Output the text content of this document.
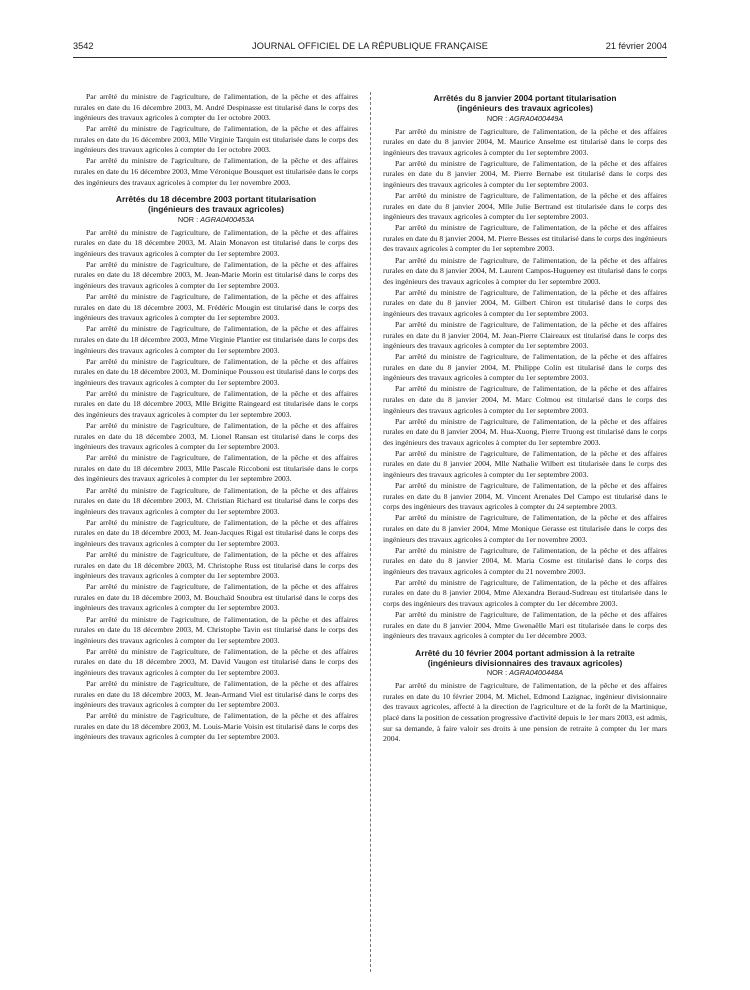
3542	JOURNAL OFFICIEL DE LA RÉPUBLIQUE FRANÇAISE	21 février 2004

Par arrêté du ministre de l'agriculture, de l'alimentation, de la pêche et des affaires rurales en date du 16 décembre 2003, M. André Despinasse est titularisé dans le corps des ingénieurs des travaux agricoles à compter du 1er octobre 2003.

Par arrêté du ministre de l'agriculture, de l'alimentation, de la pêche et des affaires rurales en date du 16 décembre 2003, Mlle Virginie Tarquin est titularisée dans le corps des ingénieurs des travaux agricoles à compter du 1er octobre 2003.

Par arrêté du ministre de l'agriculture, de l'alimentation, de la pêche et des affaires rurales en date du 16 décembre 2003, Mme Véronique Bousquet est titularisée dans le corps des ingénieurs des travaux agricoles à compter du 1er novembre 2003.

Arrêtés du 18 décembre 2003 portant titularisation
(ingénieurs des travaux agricoles)
NOR : AGRA0400453A

Par arrêté du ministre de l'agriculture, de l'alimentation, de la pêche et des affaires rurales en date du 18 décembre 2003, M. Alain Monavon est titularisé dans le corps des ingénieurs des travaux agricoles à compter du 1er septembre 2003.

Par arrêté du ministre de l'agriculture, de l'alimentation, de la pêche et des affaires rurales en date du 18 décembre 2003, M. Jean-Marie Morin est titularisé dans le corps des ingénieurs des travaux agricoles à compter du 1er septembre 2003.

Par arrêté du ministre de l'agriculture, de l'alimentation, de la pêche et des affaires rurales en date du 18 décembre 2003, M. Frédéric Mougin est titularisé dans le corps des ingénieurs des travaux agricoles à compter du 1er septembre 2003.

Par arrêté du ministre de l'agriculture, de l'alimentation, de la pêche et des affaires rurales en date du 18 décembre 2003, Mme Virginie Plantier est titularisée dans le corps des ingénieurs des travaux agricoles à compter du 1er septembre 2003.

Par arrêté du ministre de l'agriculture, de l'alimentation, de la pêche et des affaires rurales en date du 18 décembre 2003, M. Dominique Poussou est titularisé dans le corps des ingénieurs des travaux agricoles à compter du 1er septembre 2003.

Par arrêté du ministre de l'agriculture, de l'alimentation, de la pêche et des affaires rurales en date du 18 décembre 2003, Mlle Brigitte Raingeard est titularisée dans le corps des ingénieurs des travaux agricoles à compter du 1er septembre 2003.

Par arrêté du ministre de l'agriculture, de l'alimentation, de la pêche et des affaires rurales en date du 18 décembre 2003, M. Lionel Ransan est titularisé dans le corps des ingénieurs des travaux agricoles à compter du 1er septembre 2003.

Par arrêté du ministre de l'agriculture, de l'alimentation, de la pêche et des affaires rurales en date du 18 décembre 2003, Mlle Pascale Riccoboni est titularisée dans le corps des ingénieurs des travaux agricoles à compter du 1er septembre 2003.

Par arrêté du ministre de l'agriculture, de l'alimentation, de la pêche et des affaires rurales en date du 18 décembre 2003, M. Christian Richard est titularisé dans le corps des ingénieurs des travaux agricoles à compter du 1er septembre 2003.

Par arrêté du ministre de l'agriculture, de l'alimentation, de la pêche et des affaires rurales en date du 18 décembre 2003, M. Jean-Jacques Rigal est titularisé dans le corps des ingénieurs des travaux agricoles à compter du 1er septembre 2003.

Par arrêté du ministre de l'agriculture, de l'alimentation, de la pêche et des affaires rurales en date du 18 décembre 2003, M. Christophe Russ est titularisé dans le corps des ingénieurs des travaux agricoles à compter du 1er septembre 2003.

Par arrêté du ministre de l'agriculture, de l'alimentation, de la pêche et des affaires rurales en date du 18 décembre 2003, M. Bouchaïd Snoubra est titularisé dans le corps des ingénieurs des travaux agricoles à compter du 1er septembre 2003.

Par arrêté du ministre de l'agriculture, de l'alimentation, de la pêche et des affaires rurales en date du 18 décembre 2003, M. Christophe Tavin est titularisé dans le corps des ingénieurs des travaux agricoles à compter du 1er septembre 2003.

Par arrêté du ministre de l'agriculture, de l'alimentation, de la pêche et des affaires rurales en date du 18 décembre 2003, M. David Vaugon est titularisé dans le corps des ingénieurs des travaux agricoles à compter du 1er septembre 2003.

Par arrêté du ministre de l'agriculture, de l'alimentation, de la pêche et des affaires rurales en date du 18 décembre 2003, M. Jean-Armand Viel est titularisé dans le corps des ingénieurs des travaux agricoles à compter du 1er septembre 2003.

Par arrêté du ministre de l'agriculture, de l'alimentation, de la pêche et des affaires rurales en date du 18 décembre 2003, M. Louis-Marie Voisin est titularisé dans le corps des ingénieurs des travaux agricoles à compter du 1er septembre 2003.

Arrêtés du 8 janvier 2004 portant titularisation
(ingénieurs des travaux agricoles)
NOR : AGRA0400449A

Par arrêté du ministre de l'agriculture, de l'alimentation, de la pêche et des affaires rurales en date du 8 janvier 2004, M. Maurice Anselme est titularisé dans le corps des ingénieurs des travaux agricoles à compter du 1er septembre 2003.

Par arrêté du ministre de l'agriculture, de l'alimentation, de la pêche et des affaires rurales en date du 8 janvier 2004, M. Pierre Bernabe est titularisé dans le corps des ingénieurs des travaux agricoles à compter du 1er septembre 2003.

Par arrêté du ministre de l'agriculture, de l'alimentation, de la pêche et des affaires rurales en date du 8 janvier 2004, Mlle Julie Bertrand est titularisée dans le corps des ingénieurs des travaux agricoles à compter du 1er septembre 2003.

Par arrêté du ministre de l'agriculture, de l'alimentation, de la pêche et des affaires rurales en date du 8 janvier 2004, M. Pierre Besses est titularisé dans le corps des ingénieurs des travaux agricoles à compter du 1er septembre 2003.

Par arrêté du ministre de l'agriculture, de l'alimentation, de la pêche et des affaires rurales en date du 8 janvier 2004, M. Laurent Campos-Hugueney est titularisé dans le corps des ingénieurs des travaux agricoles à compter du 1er septembre 2003.

Par arrêté du ministre de l'agriculture, de l'alimentation, de la pêche et des affaires rurales en date du 8 janvier 2004, M. Gilbert Chiron est titularisé dans le corps des ingénieurs des travaux agricoles à compter du 1er septembre 2003.

Par arrêté du ministre de l'agriculture, de l'alimentation, de la pêche et des affaires rurales en date du 8 janvier 2004, M. Jean-Pierre Claireaux est titularisé dans le corps des ingénieurs des travaux agricoles à compter du 1er septembre 2003.

Par arrêté du ministre de l'agriculture, de l'alimentation, de la pêche et des affaires rurales en date du 8 janvier 2004, M. Philippe Colin est titularisé dans le corps des ingénieurs des travaux agricoles à compter du 1er septembre 2003.

Par arrêté du ministre de l'agriculture, de l'alimentation, de la pêche et des affaires rurales en date du 8 janvier 2004, M. Marc Colmou est titularisé dans le corps des ingénieurs des travaux agricoles à compter du 1er septembre 2003.

Par arrêté du ministre de l'agriculture, de l'alimentation, de la pêche et des affaires rurales en date du 8 janvier 2004, M. Hua-Xuong, Pierre Truong est titularisé dans le corps des ingénieurs des travaux agricoles à compter du 1er septembre 2003.

Par arrêté du ministre de l'agriculture, de l'alimentation, de la pêche et des affaires rurales en date du 8 janvier 2004, Mlle Nathalie Wilbert est titularisée dans le corps des ingénieurs des travaux agricoles à compter du 1er septembre 2003.

Par arrêté du ministre de l'agriculture, de l'alimentation, de la pêche et des affaires rurales en date du 8 janvier 2004, M. Vincent Arenales Del Campo est titularisé dans le corps des ingénieurs des travaux agricoles à compter du 24 septembre 2003.

Par arrêté du ministre de l'agriculture, de l'alimentation, de la pêche et des affaires rurales en date du 8 janvier 2004, Mme Monique Gerasse est titularisée dans le corps des ingénieurs des travaux agricoles à compter du 1er novembre 2003.

Par arrêté du ministre de l'agriculture, de l'alimentation, de la pêche et des affaires rurales en date du 8 janvier 2004, M. Maria Cosme est titularisé dans le corps des ingénieurs des travaux agricoles à compter du 21 novembre 2003.

Par arrêté du ministre de l'agriculture, de l'alimentation, de la pêche et des affaires rurales en date du 8 janvier 2004, Mme Alexandra Beraud-Sudreau est titularisée dans le corps des ingénieurs des travaux agricoles à compter du 1er décembre 2003.

Par arrêté du ministre de l'agriculture, de l'alimentation, de la pêche et des affaires rurales en date du 8 janvier 2004, Mme Gwenaëlle Mari est titularisée dans le corps des ingénieurs des travaux agricoles à compter du 1er décembre 2003.

Arrêté du 10 février 2004 portant admission à la retraite
(ingénieurs divisionnaires des travaux agricoles)
NOR : AGRA0400448A

Par arrêté du ministre de l'agriculture, de l'alimentation, de la pêche et des affaires rurales en date du 10 février 2004, M. Michel, Edmond Lazignac, ingénieur divisionnaire des travaux agricoles, affecté à la direction de l'agriculture et de la forêt de la Martinique, placé dans la position de cessation progressive d'activité depuis le 1er mars 2003, est admis, sur sa demande, à faire valoir ses droits à une pension de retraite à compter du 1er mars 2004.
